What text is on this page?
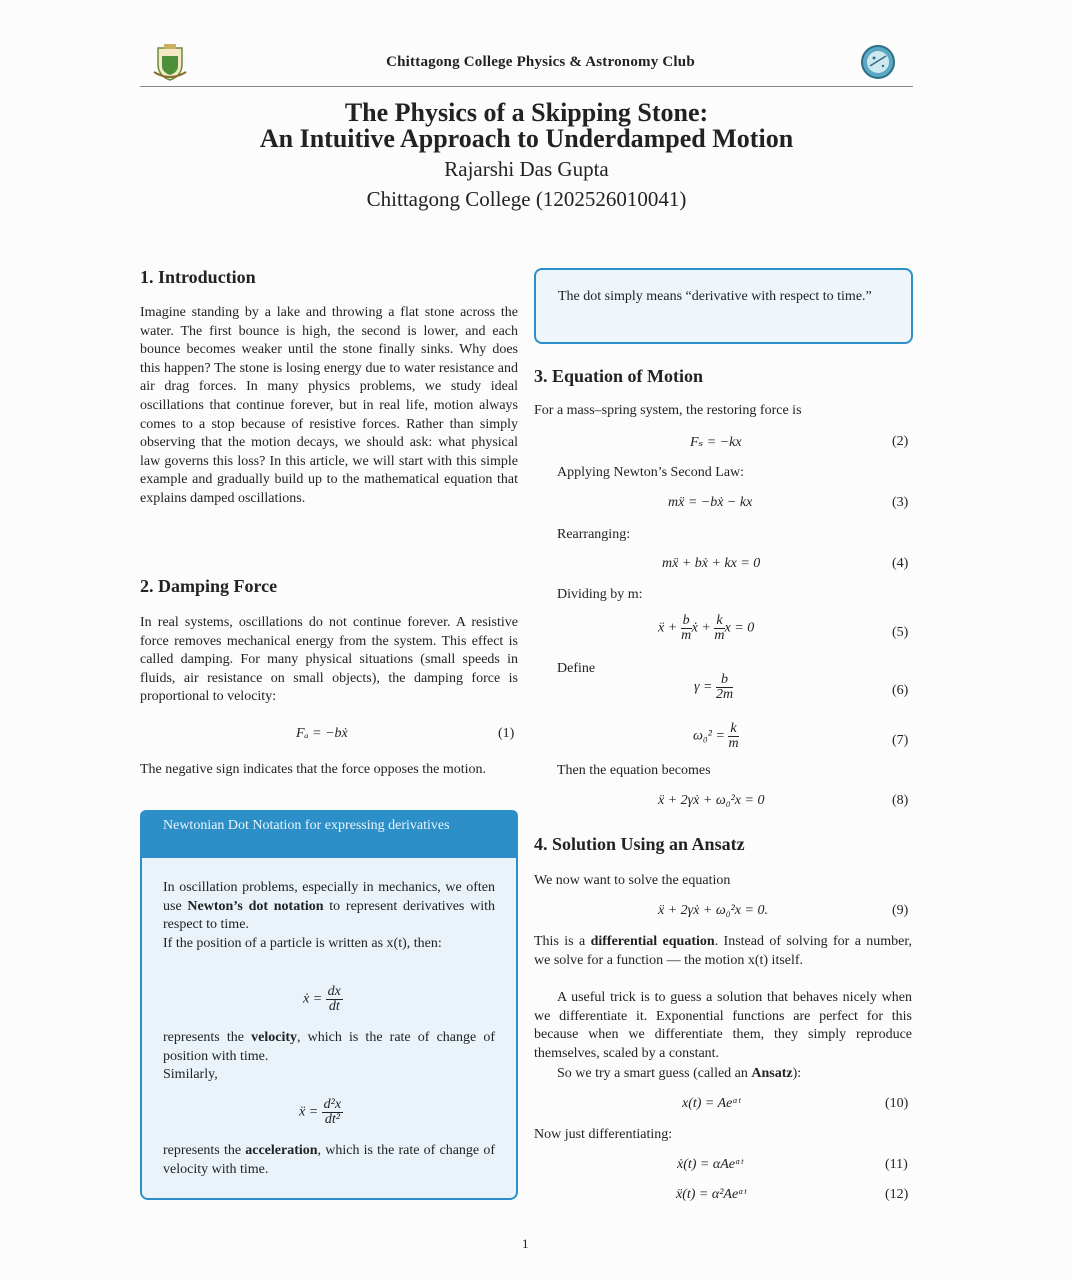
Chittagong College Physics & Astronomy Club
The Physics of a Skipping Stone:
An Intuitive Approach to Underdamped Motion
Rajarshi Das Gupta
Chittagong College (1202526010041)
1. Introduction
Imagine standing by a lake and throwing a flat stone across the water. The first bounce is high, the second is lower, and each bounce becomes weaker until the stone finally sinks. Why does this happen? The stone is losing energy due to water resistance and air drag forces. In many physics problems, we study ideal oscillations that continue forever, but in real life, motion always comes to a stop because of resistive forces. Rather than simply observing that the motion decays, we should ask: what physical law governs this loss? In this article, we will start with this simple example and gradually build up to the mathematical equation that explains damped oscillations.
2. Damping Force
In real systems, oscillations do not continue forever. A resistive force removes mechanical energy from the system. This effect is called damping. For many physical situations (small speeds in fluids, air resistance on small objects), the damping force is proportional to velocity:
Fₐ = −bẋ	(1)
The negative sign indicates that the force opposes the motion.
Newtonian Dot Notation for expressing derivatives
In oscillation problems, especially in mechanics, we often use Newton’s dot notation to represent derivatives with respect to time.
If the position of a particle is written as x(t), then:
ẋ = $\frac{dx}{dt}$
represents the velocity, which is the rate of change of position with time.
Similarly,
ẍ = $\frac{\text{d²x}}{\text{dt²}}$
represents the acceleration, which is the rate of change of velocity with time.
The dot simply means “derivative with respect to time.”
3. Equation of Motion
For a mass–spring system, the restoring force is
Fₛ = −kx	(2)
Applying Newton’s Second Law:
mẍ = −bẋ − kx	(3)
Rearranging:
mẍ + bẋ + kx = 0	(4)
Dividing by m:
ẍ + $\frac{b}{m}$ ẋ + $\frac{k}{m}$ x = 0	(5)
Define
$\gamma = \frac{b}{2m}$	(6)
$\omega_0^2 = \frac{k}{m}$	(7)
Then the equation becomes
ẍ + 2γẋ + ω₀²x = 0	(8)
4. Solution Using an Ansatz
We now want to solve the equation
ẍ + 2γẋ + ω₀²x = 0.	(9)
This is a differential equation. Instead of solving for a number, we solve for a function — the motion x(t) itself.
A useful trick is to guess a solution that behaves nicely when we differentiate it. Exponential functions are perfect for this because when we differentiate them, they simply reproduce themselves, scaled by a constant.
So we try a smart guess (called an Ansatz):
x(t) = Aeᵅᵗ	(10)
Now just differentiating:
ẋ(t) = αAeᵅᵗ	(11)
ẍ(t) = α²Aeᵅᵗ	(12)
1
